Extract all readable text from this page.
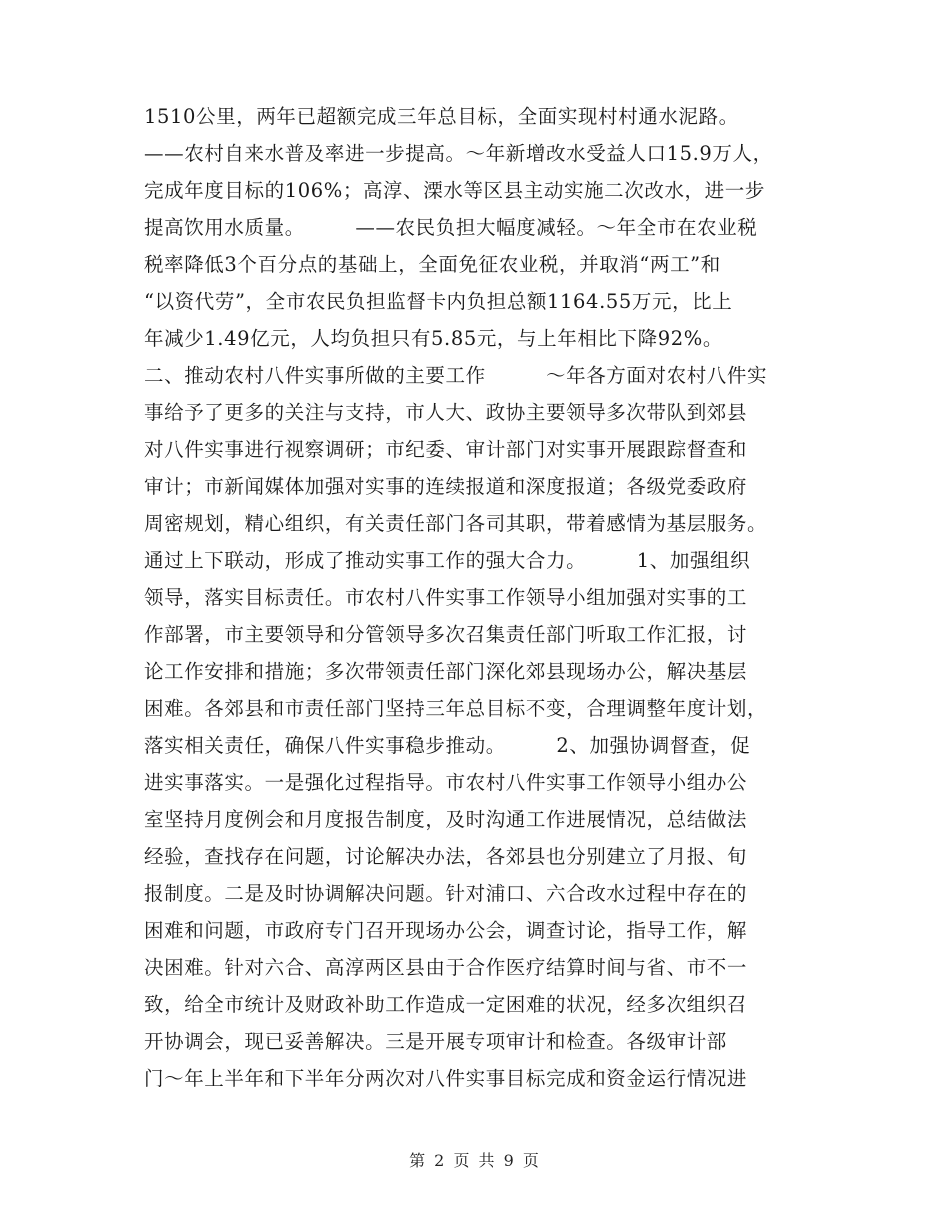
1510公里，两年已超额完成三年总目标，全面实现村村通水泥路。
——农村自来水普及率进一步提高。～年新增改水受益人口15.9万人，
完成年度目标的106%；高淳、溧水等区县主动实施二次改水，进一步
提高饮用水质量。　　　——农民负担大幅度减轻。～年全市在农业税
税率降低3个百分点的基础上，全面免征农业税，并取消“两工”和
“以资代劳”，全市农民负担监督卡内负担总额1164.55万元，比上
年减少1.49亿元，人均负担只有5.85元，与上年相比下降92%。
二、推动农村八件实事所做的主要工作　　　～年各方面对农村八件实
事给予了更多的关注与支持，市人大、政协主要领导多次带队到郊县
对八件实事进行视察调研；市纪委、审计部门对实事开展跟踪督查和
审计；市新闻媒体加强对实事的连续报道和深度报道；各级党委政府
周密规划，精心组织，有关责任部门各司其职，带着感情为基层服务。
通过上下联动，形成了推动实事工作的强大合力。　　　1、加强组织
领导，落实目标责任。市农村八件实事工作领导小组加强对实事的工
作部署，市主要领导和分管领导多次召集责任部门听取工作汇报，讨
论工作安排和措施；多次带领责任部门深化郊县现场办公，解决基层
困难。各郊县和市责任部门坚持三年总目标不变，合理调整年度计划，
落实相关责任，确保八件实事稳步推动。　　　2、加强协调督查，促
进实事落实。一是强化过程指导。市农村八件实事工作领导小组办公
室坚持月度例会和月度报告制度，及时沟通工作进展情况，总结做法
经验，查找存在问题，讨论解决办法，各郊县也分别建立了月报、旬
报制度。二是及时协调解决问题。针对浦口、六合改水过程中存在的
困难和问题，市政府专门召开现场办公会，调查讨论，指导工作，解
决困难。针对六合、高淳两区县由于合作医疗结算时间与省、市不一
致，给全市统计及财政补助工作造成一定困难的状况，经多次组织召
开协调会，现已妥善解决。三是开展专项审计和检查。各级审计部
门～年上半年和下半年分两次对八件实事目标完成和资金运行情况进
第 2 页 共 9 页
